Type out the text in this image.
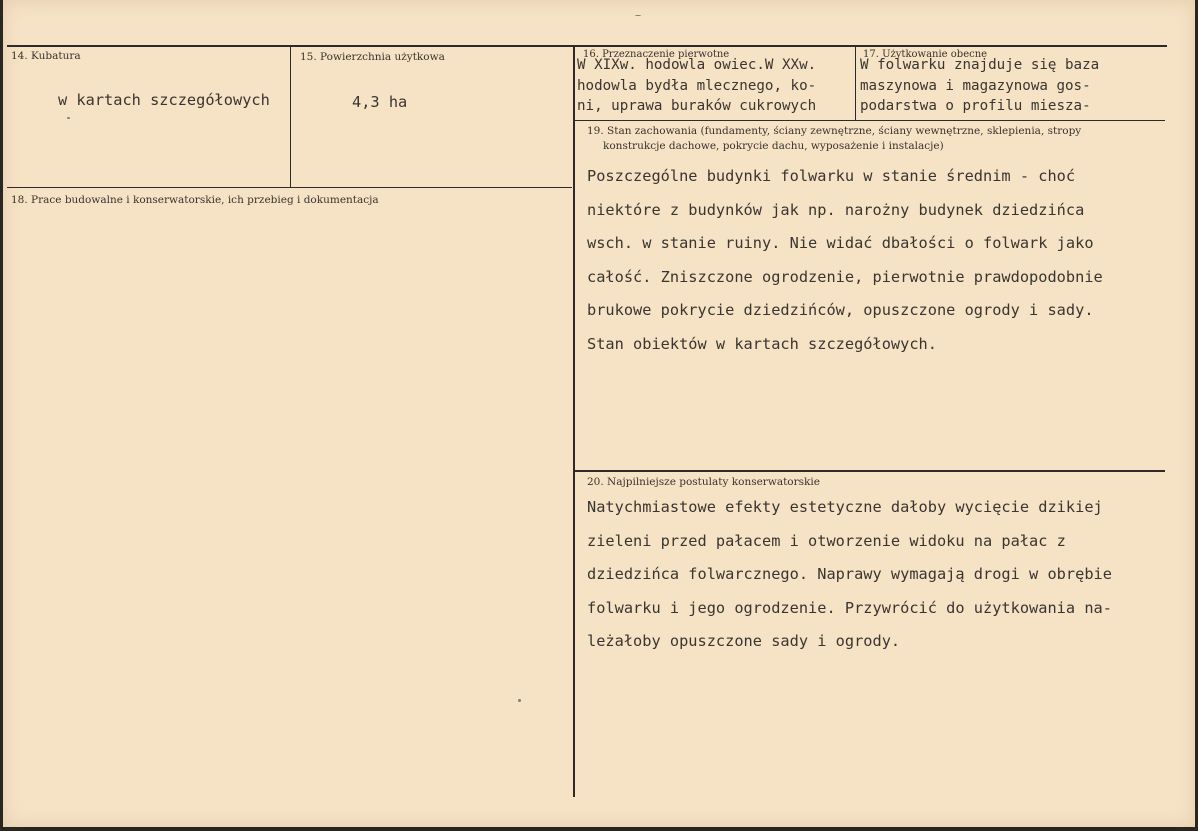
14. Kubatura
w kartach szczegółowych
15. Powierzchnia użytkowa
4,3 ha
16. Przeznaczenie pierwotne
W XIXw. hodowla owiec.W XXw.
hodowla bydła mlecznego, ko-
ni, uprawa buraków cukrowych
17. Użytkowanie obecne
W folwarku znajduje się baza
maszynowa i magazynowa gos-
podarstwa o profilu miesza-
18. Prace budowalne i konserwatorskie, ich przebieg i dokumentacja
19. Stan zachowania (fundamenty, ściany zewnętrzne, ściany wewnętrzne, sklepienia, stropy
konstrukcje dachowe, pokrycie dachu, wyposażenie i instalacje)
Poszczególne budynki folwarku w stanie średnim - choć
niektóre z budynków jak np. narożny budynek dziedzińca
wsch. w stanie ruiny. Nie widać dbałości o folwark jako
całość. Zniszczone ogrodzenie, pierwotnie prawdopodobnie
brukowe pokrycie dziedzińców, opuszczone ogrody i sady.
Stan obiektów w kartach szczegółowych.
20. Najpilniejsze postulaty konserwatorskie
Natychmiastowe efekty estetyczne dałoby wycięcie dzikiej
zieleni przed pałacem i otworzenie widoku na pałac z
dziedzińca folwarcznego. Naprawy wymagają drogi w obrębie
folwarku i jego ogrodzenie. Przywrócić do użytkowania na-
leżałoby opuszczone sady i ogrody.
